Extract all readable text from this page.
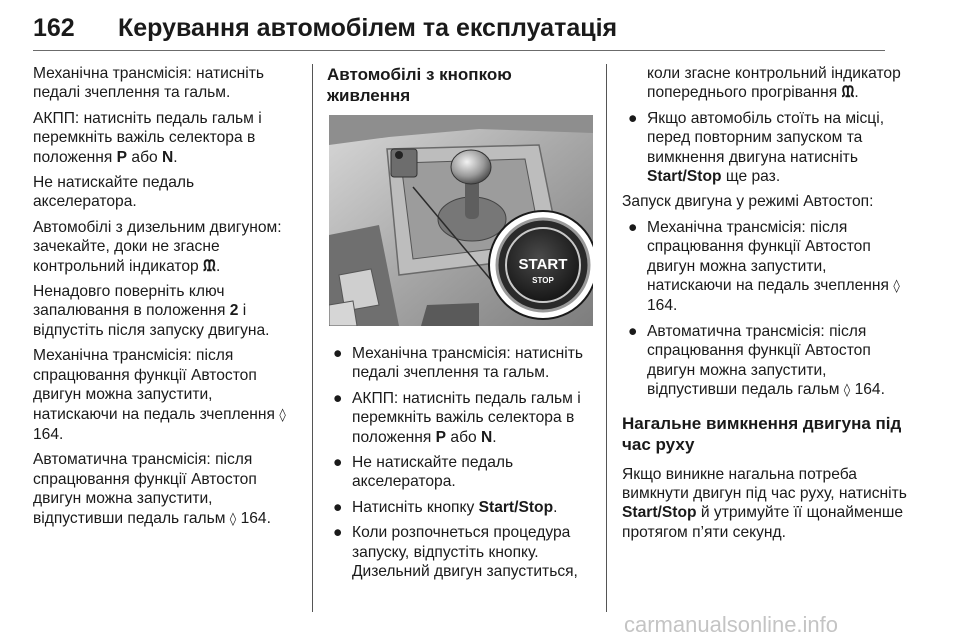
162 Керування автомобілем та експлуатація

Механічна трансмісія: натисніть педалі зчеплення та гальм.

АКПП: натисніть педаль гальм і перемкніть важіль селектора в положення P або N.

Не натискайте педаль акселератора.

Автомобілі з дизельним двигуном: зачекайте, доки не згасне контрольний індикатор ᙢ.

Ненадовго поверніть ключ запалювання в положення 2 і відпустіть після запуску двигуна.

Механічна трансмісія: після спрацювання функції Автостоп двигун можна запустити, натискаючи на педаль зчеплення ◊ 164.

Автоматична трансмісія: після спрацювання функції Автостоп двигун можна запустити, відпустивши педаль гальм ◊ 164.

Автомобілі з кнопкою живлення
START
STOP
● Механічна трансмісія: натисніть педалі зчеплення та гальм.
● АКПП: натисніть педаль гальм і перемкніть важіль селектора в положення P або N.
● Не натискайте педаль акселератора.
● Натисніть кнопку Start/Stop.
● Коли розпочнеться процедура запуску, відпустіть кнопку. Дизельний двигун запуститься,

коли згасне контрольний індикатор попереднього прогрівання ᙢ.

● Якщо автомобіль стоїть на місці, перед повторним запуском та вимкнення двигуна натисніть Start/Stop ще раз.

Запуск двигуна у режимі Автостоп:

● Механічна трансмісія: після спрацювання функції Автостоп двигун можна запустити, натискаючи на педаль зчеплення ◊ 164.
● Автоматична трансмісія: після спрацювання функції Автостоп двигун можна запустити, відпустивши педаль гальм ◊ 164.
Нагальне вимкнення двигуна під час руху

Якщо виникне нагальна потреба вимкнути двигун під час руху, натисніть Start/Stop й утримуйте її щонайменше протягом п’яти секунд.

carmanualsonline.info
